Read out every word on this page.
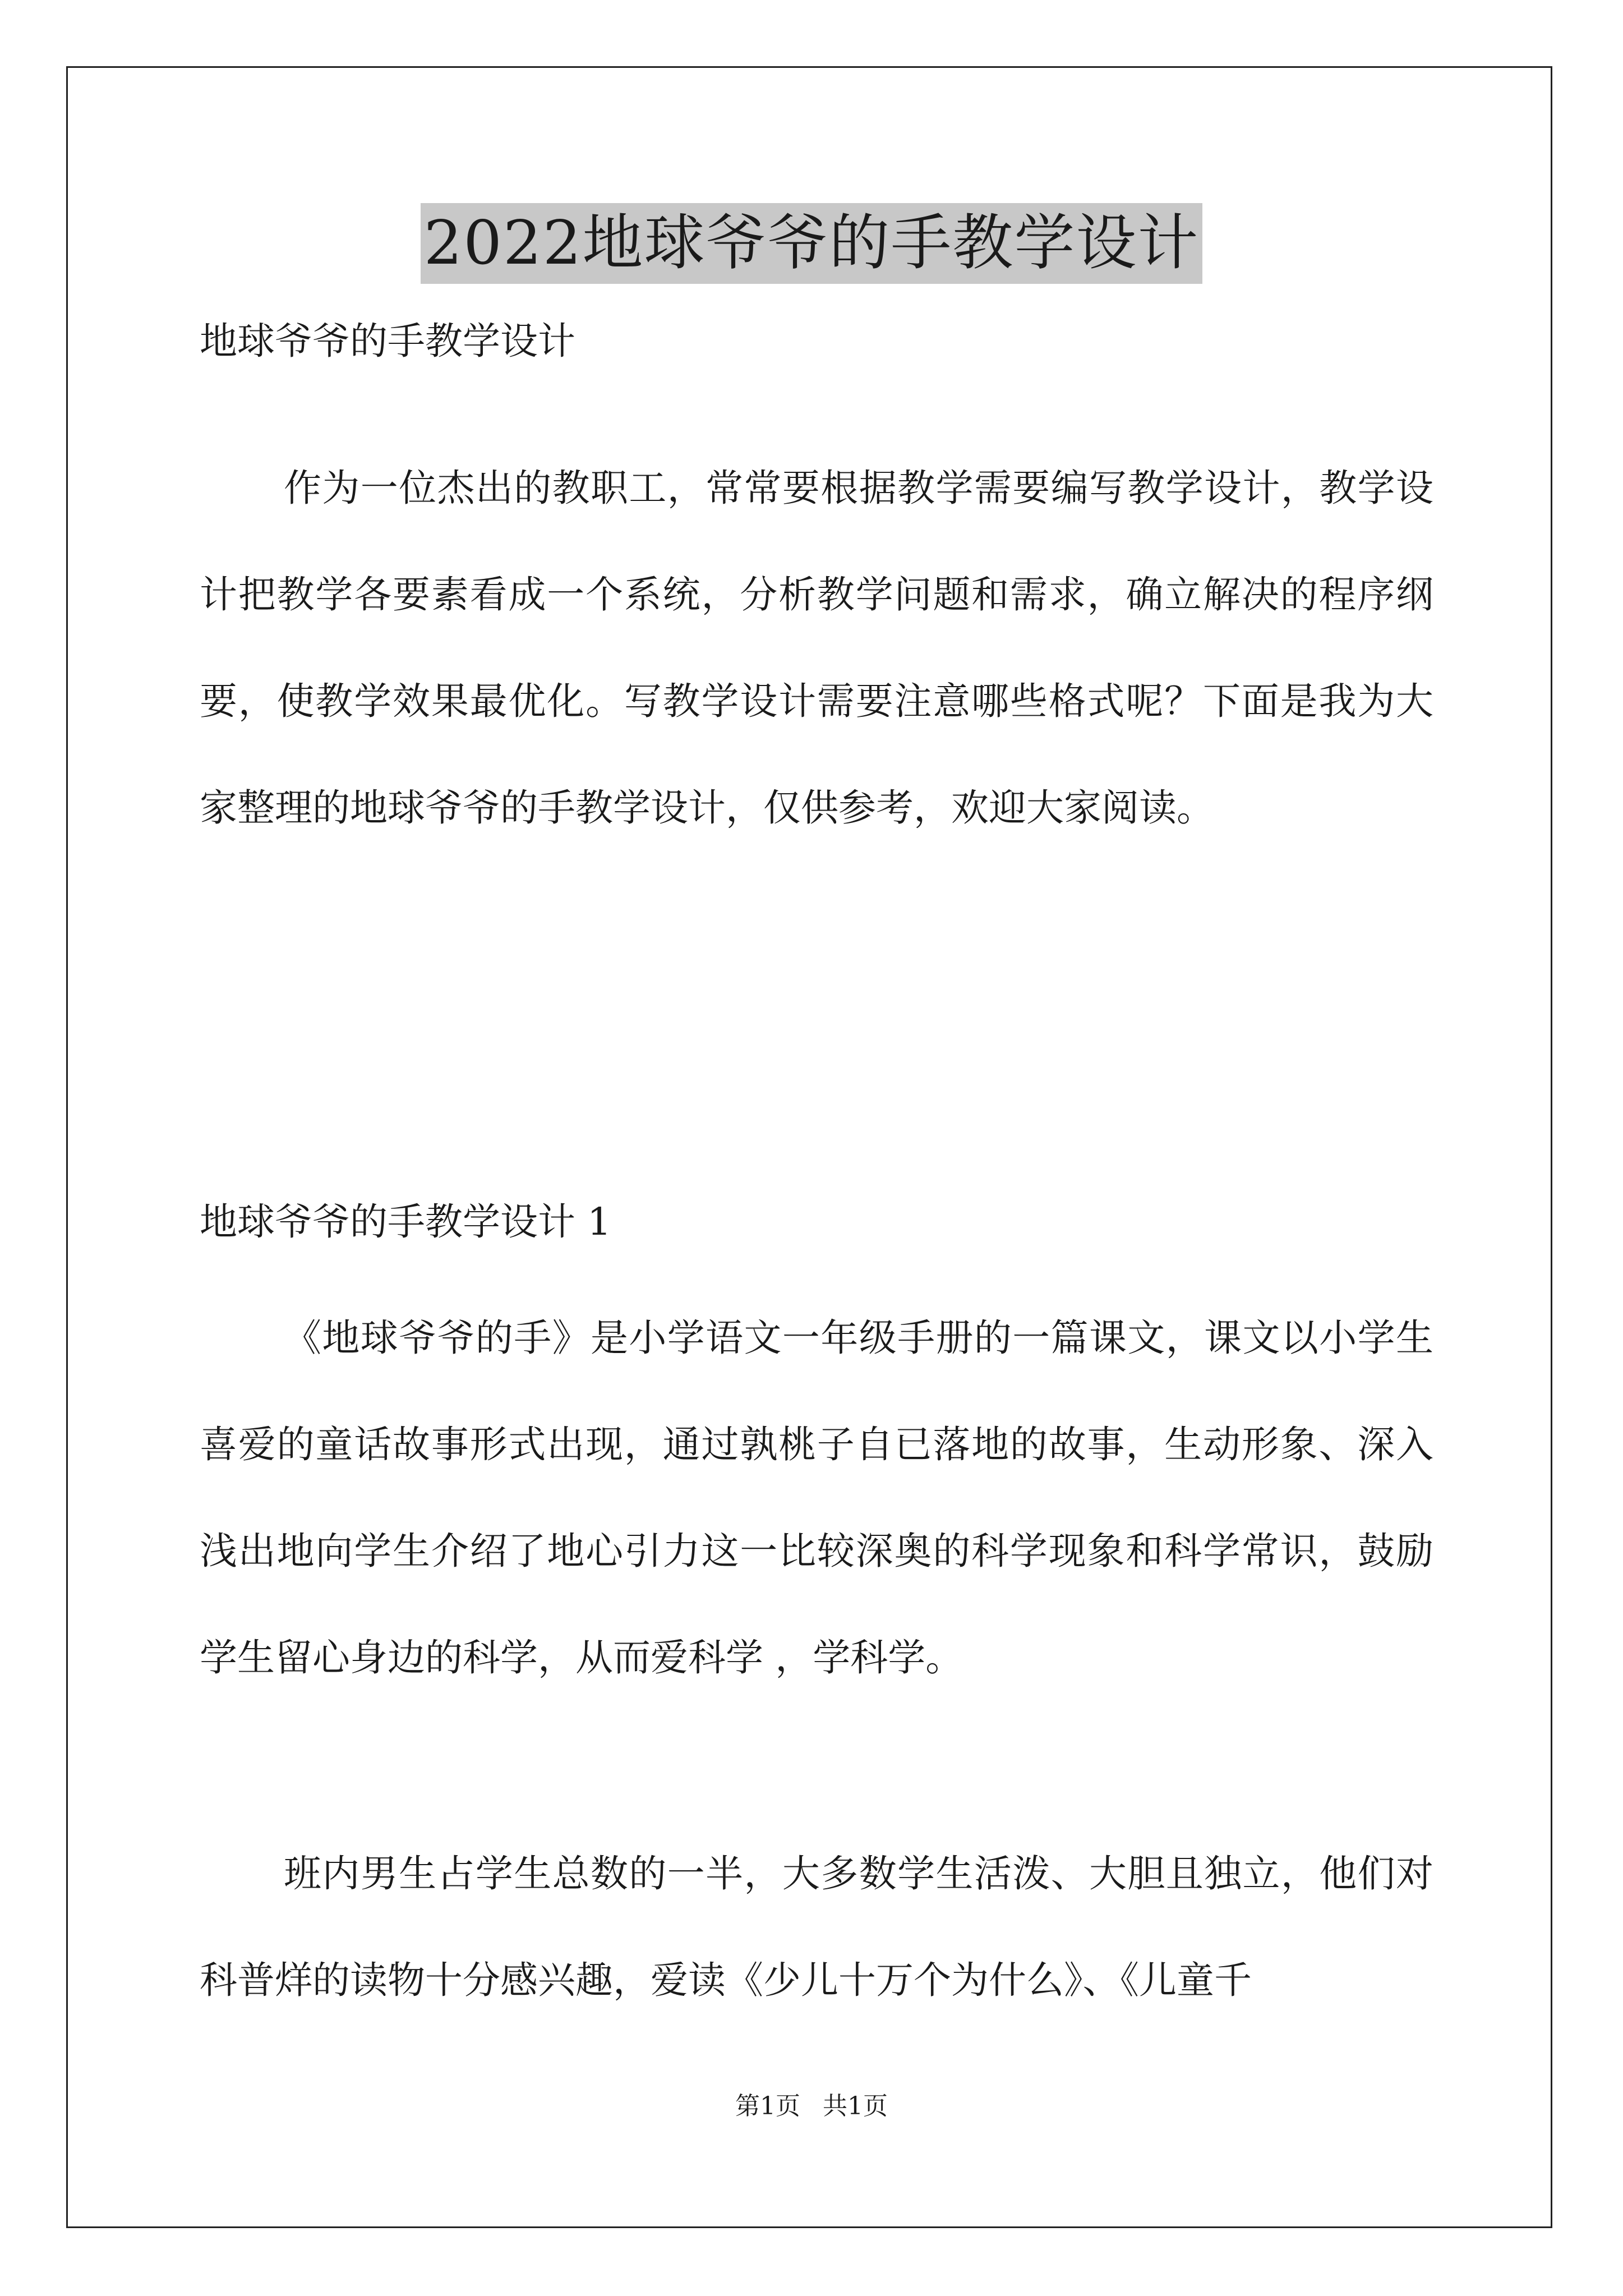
2022地球爷爷的手教学设计
地球爷爷的手教学设计

作为一位杰出的教职工，常常要根据教学需要编写教学设计，教学设计把教学各要素看成一个系统，分析教学问题和需求，确立解决的程序纲要，使教学效果最优化。写教学设计需要注意哪些格式呢？下面是我为大家整理的地球爷爷的手教学设计，仅供参考，欢迎大家阅读。

地球爷爷的手教学设计 1

《地球爷爷的手》是小学语文一年级手册的一篇课文，课文以小学生喜爱的童话故事形式出现，通过孰桃子自已落地的故事，生动形象、深入浅出地向学生介绍了地心引力这一比较深奥的科学现象和科学常识，鼓励学生留心身边的科学，从而爱科学 ，学科学。

班内男生占学生总数的一半，大多数学生活泼、大胆且独立，他们对科普烊的读物十分感兴趣，爱读《少儿十万个为什么》、《儿童千

第1页 共1页
